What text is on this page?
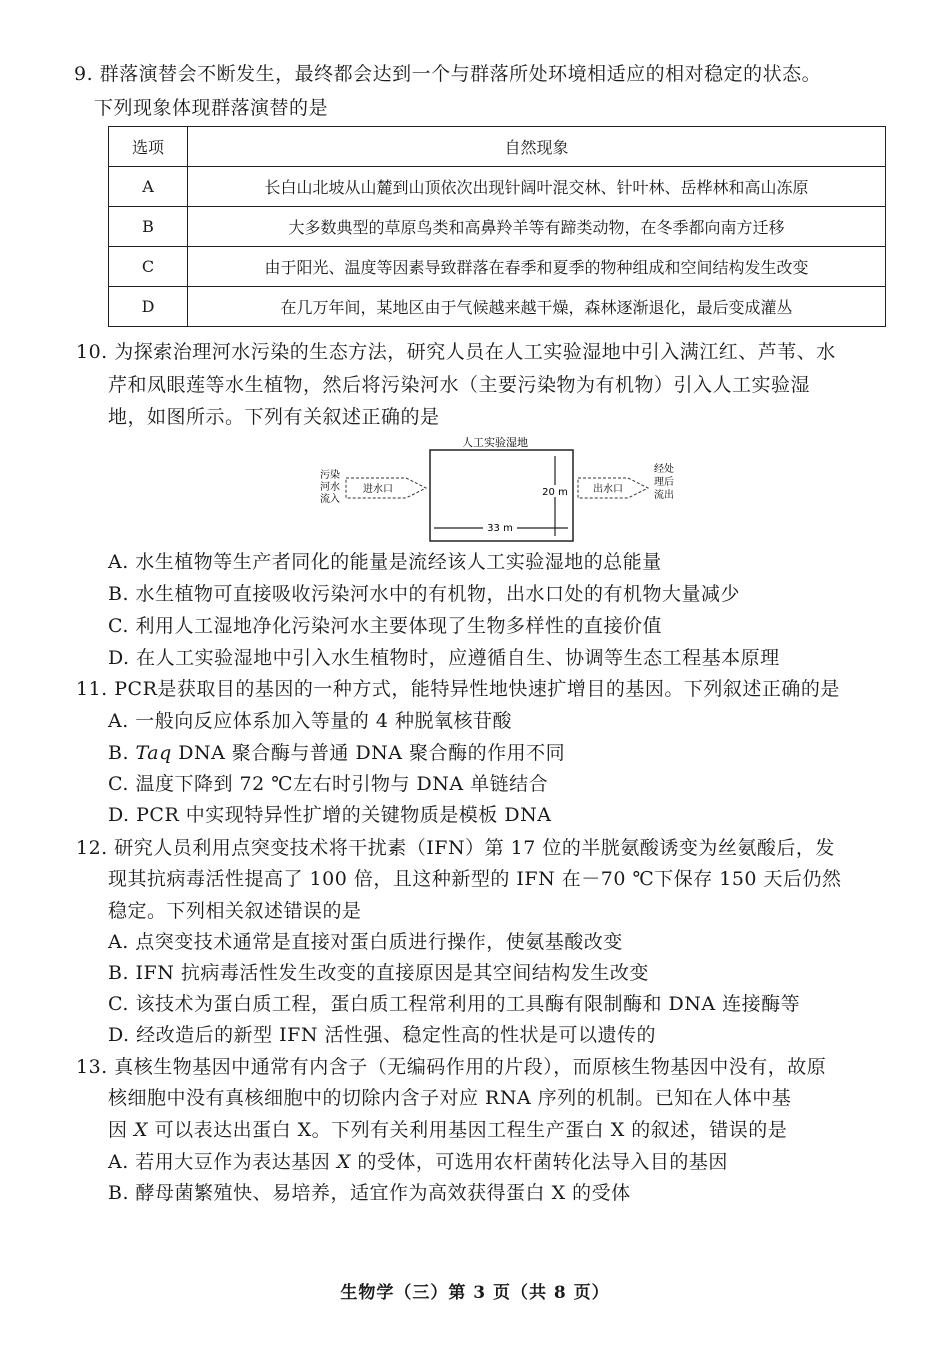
9. 群落演替会不断发生，最终都会达到一个与群落所处环境相适应的相对稳定的状态。
下列现象体现群落演替的是
选项	自然现象
A	长白山北坡从山麓到山顶依次出现针阔叶混交林、针叶林、岳桦林和高山冻原
B	大多数典型的草原鸟类和高鼻羚羊等有蹄类动物，在冬季都向南方迁移
C	由于阳光、温度等因素导致群落在春季和夏季的物种组成和空间结构发生改变
D	在几万年间，某地区由于气候越来越干燥，森林逐渐退化，最后变成灌丛
10. 为探索治理河水污染的生态方法，研究人员在人工实验湿地中引入满江红、芦苇、水
芹和凤眼莲等水生植物，然后将污染河水（主要污染物为有机物）引入人工实验湿
地，如图所示。下列有关叙述正确的是
人工实验湿地
污染
河水
流入
进水口
33 m
20 m	出水口
经处
理后
流出
A. 水生植物等生产者同化的能量是流经该人工实验湿地的总能量
B. 水生植物可直接吸收污染河水中的有机物，出水口处的有机物大量减少
C. 利用人工湿地净化污染河水主要体现了生物多样性的直接价值
D. 在人工实验湿地中引入水生植物时，应遵循自生、协调等生态工程基本原理
11. PCR是获取目的基因的一种方式，能特异性地快速扩增目的基因。下列叙述正确的是
A. 一般向反应体系加入等量的 4 种脱氧核苷酸
B. Taq DNA 聚合酶与普通 DNA 聚合酶的作用不同
C. 温度下降到 72 ℃左右时引物与 DNA 单链结合
D. PCR 中实现特异性扩增的关键物质是模板 DNA
12. 研究人员利用点突变技术将干扰素（IFN）第 17 位的半胱氨酸诱变为丝氨酸后，发
现其抗病毒活性提高了 100 倍，且这种新型的 IFN 在－70 ℃下保存 150 天后仍然
稳定。下列相关叙述错误的是
A. 点突变技术通常是直接对蛋白质进行操作，使氨基酸改变
B. IFN 抗病毒活性发生改变的直接原因是其空间结构发生改变
C. 该技术为蛋白质工程，蛋白质工程常利用的工具酶有限制酶和 DNA 连接酶等
D. 经改造后的新型 IFN 活性强、稳定性高的性状是可以遗传的
13. 真核生物基因中通常有内含子（无编码作用的片段），而原核生物基因中没有，故原
核细胞中没有真核细胞中的切除内含子对应 RNA 序列的机制。已知在人体中基
因 X 可以表达出蛋白 X。下列有关利用基因工程生产蛋白 X 的叙述，错误的是
A. 若用大豆作为表达基因 X 的受体，可选用农杆菌转化法导入目的基因
B. 酵母菌繁殖快、易培养，适宜作为高效获得蛋白 X 的受体
生物学（三）第 3 页（共 8 页）
